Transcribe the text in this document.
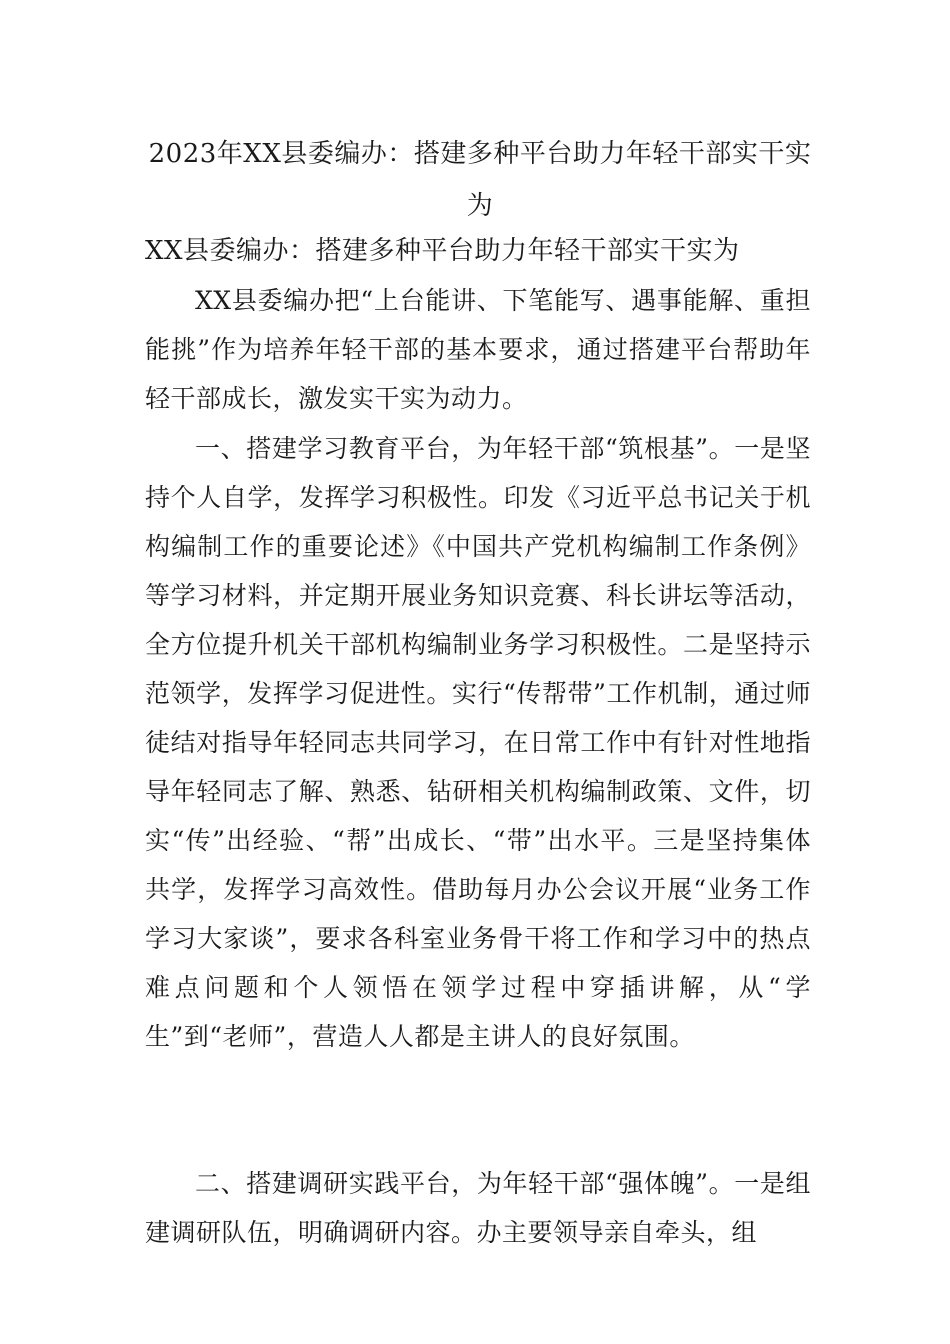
2023年XX县委编办：搭建多种平台助力年轻干部实干实为
XX县委编办：搭建多种平台助力年轻干部实干实为

XX县委编办把“上台能讲、下笔能写、遇事能解、重担能挑”作为培养年轻干部的基本要求，通过搭建平台帮助年轻干部成长，激发实干实为动力。

一、搭建学习教育平台，为年轻干部“筑根基”。一是坚持个人自学，发挥学习积极性。印发《习近平总书记关于机构编制工作的重要论述》《中国共产党机构编制工作条例》等学习材料，并定期开展业务知识竞赛、科长讲坛等活动，全方位提升机关干部机构编制业务学习积极性。二是坚持示范领学，发挥学习促进性。实行“传帮带”工作机制，通过师徒结对指导年轻同志共同学习，在日常工作中有针对性地指导年轻同志了解、熟悉、钻研相关机构编制政策、文件，切实“传”出经验、“帮”出成长、“带”出水平。三是坚持集体共学，发挥学习高效性。借助每月办公会议开展“业务工作学习大家谈”，要求各科室业务骨干将工作和学习中的热点难点问题和个人领悟在领学过程中穿插讲解，从“学生”到“老师”，营造人人都是主讲人的良好氛围。

二、搭建调研实践平台，为年轻干部“强体魄”。一是组建调研队伍，明确调研内容。办主要领导亲自牵头，组
